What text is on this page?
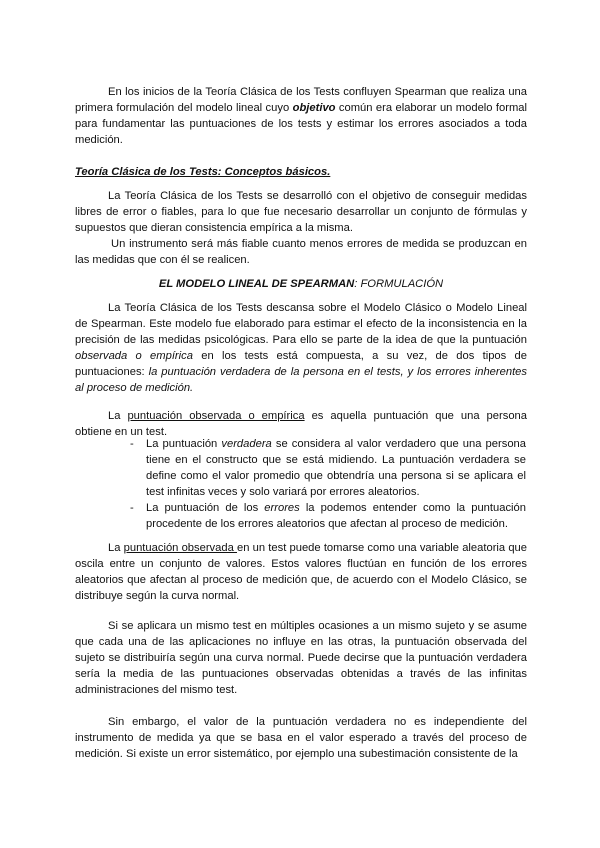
En los inicios de la Teoría Clásica de los Tests confluyen Spearman que realiza una primera formulación del modelo lineal cuyo objetivo común era elaborar un modelo formal para fundamentar las puntuaciones de los tests y estimar los errores asociados a toda medición.

Teoría Clásica de los Tests: Conceptos básicos.

La Teoría Clásica de los Tests se desarrolló con el objetivo de conseguir medidas libres de error o fiables, para lo que fue necesario desarrollar un conjunto de fórmulas y supuestos que dieran consistencia empírica a la misma.

Un instrumento será más fiable cuanto menos errores de medida se produzcan en las medidas que con él se realicen.

EL MODELO LINEAL DE SPEARMAN: FORMULACIÓN

La Teoría Clásica de los Tests descansa sobre el Modelo Clásico o Modelo Lineal de Spearman. Este modelo fue elaborado para estimar el efecto de la inconsistencia en la precisión de las medidas psicológicas. Para ello se parte de la idea de que la puntuación observada o empírica en los tests está compuesta, a su vez, de dos tipos de puntuaciones: la puntuación verdadera de la persona en el tests, y los errores inherentes al proceso de medición.

La puntuación observada o empírica es aquella puntuación que una persona obtiene en un test.

- La puntuación verdadera se considera al valor verdadero que una persona tiene en el constructo que se está midiendo. La puntuación verdadera se define como el valor promedio que obtendría una persona si se aplicara el test infinitas veces y solo variará por errores aleatorios.
- La puntuación de los errores la podemos entender como la puntuación procedente de los errores aleatorios que afectan al proceso de medición.

La puntuación observada en un test puede tomarse como una variable aleatoria que oscila entre un conjunto de valores. Estos valores fluctúan en función de los errores aleatorios que afectan al proceso de medición que, de acuerdo con el Modelo Clásico, se distribuye según la curva normal.

Si se aplicara un mismo test en múltiples ocasiones a un mismo sujeto y se asume que cada una de las aplicaciones no influye en las otras, la puntuación observada del sujeto se distribuiría según una curva normal. Puede decirse que la puntuación verdadera sería la media de las puntuaciones observadas obtenidas a través de las infinitas administraciones del mismo test.

Sin embargo, el valor de la puntuación verdadera no es independiente del instrumento de medida ya que se basa en el valor esperado a través del proceso de medición. Si existe un error sistemático, por ejemplo una subestimación consistente de la
